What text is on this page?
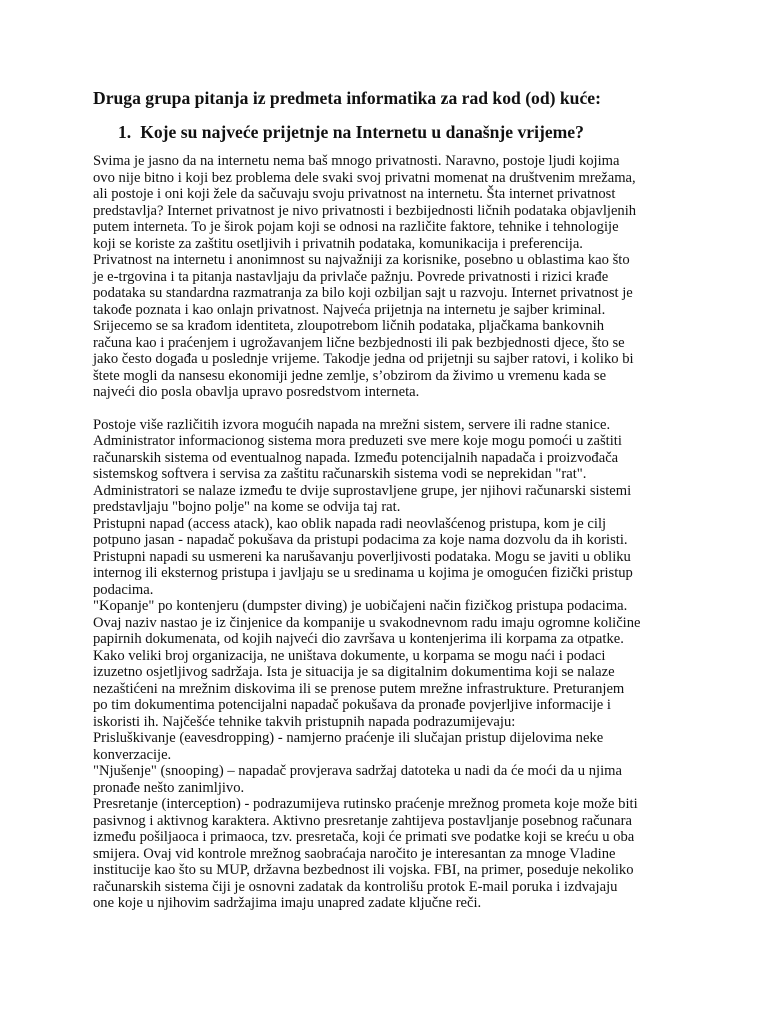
Druga grupa pitanja iz predmeta informatika za rad kod (od) kuće:
1. Koje su najveće prijetnje na Internetu u današnje vrijeme?

Svima je jasno da na internetu nema baš mnogo privatnosti. Naravno, postoje ljudi kojima
ovo nije bitno i koji bez problema dele svaki svoj privatni momenat na društvenim mrežama,
ali postoje i oni koji žele da sačuvaju svoju privatnost na internetu. Šta internet privatnost
predstavlja? Internet privatnost je nivo privatnosti i bezbijednosti ličnih podataka objavljenih
putem interneta. To je širok pojam koji se odnosi na različite faktore, tehnike i tehnologije
koji se koriste za zaštitu osetljivih i privatnih podataka, komunikacija i preferencija.
Privatnost na internetu i anonimnost su najvažniji za korisnike, posebno u oblastima kao što
je e-trgovina i ta pitanja nastavljaju da privlače pažnju. Povrede privatnosti i rizici krađe
podataka su standardna razmatranja za bilo koji ozbiljan sajt u razvoju. Internet privatnost je
takođe poznata i kao onlajn privatnost. Najveća prijetnja na internetu je sajber kriminal.
Srijecemo se sa krađom identiteta, zloupotrebom ličnih podataka, pljačkama bankovnih
računa kao i praćenjem i ugrožavanjem lične bezbjednosti ili pak bezbjednosti djece, što se
jako često događa u poslednje vrijeme. Takodje jedna od prijetnji su sajber ratovi, i koliko bi
štete mogli da nansesu ekonomiji jedne zemlje, s’obzirom da živimo u vremenu kada se
najveći dio posla obavlja upravo posredstvom interneta.

Postoje više različitih izvora mogućih napada na mrežni sistem, servere ili radne stanice.
Administrator informacionog sistema mora preduzeti sve mere koje mogu pomoći u zaštiti
računarskih sistema od eventualnog napada. Između potencijalnih napadača i proizvođača
sistemskog softvera i servisa za zaštitu računarskih sistema vodi se neprekidan "rat".
Administratori se nalaze između te dvije suprostavljene grupe, jer njihovi računarski sistemi
predstavljaju "bojno polje" na kome se odvija taj rat.
Pristupni napad (access atack), kao oblik napada radi neovlašćenog pristupa, kom je cilj
potpuno jasan - napadač pokušava da pristupi podacima za koje nama dozvolu da ih koristi.
Pristupni napadi su usmereni ka narušavanju poverljivosti podataka. Mogu se javiti u obliku
internog ili eksternog pristupa i javljaju se u sredinama u kojima je omogućen fizički pristup
podacima.
"Kopanje" po kontenjeru (dumpster diving) je uobičajeni način fizičkog pristupa podacima.
Ovaj naziv nastao je iz činjenice da kompanije u svakodnevnom radu imaju ogromne količine
papirnih dokumenata, od kojih najveći dio završava u kontenjerima ili korpama za otpatke.
Kako veliki broj organizacija, ne uništava dokumente, u korpama se mogu naći i podaci
izuzetno osjetljivog sadržaja. Ista je situacija je sa digitalnim dokumentima koji se nalaze
nezaštićeni na mrežnim diskovima ili se prenose putem mrežne infrastrukture. Preturanjem
po tim dokumentima potencijalni napadač pokušava da pronađe povjerljive informacije i
iskoristi ih. Najčešće tehnike takvih pristupnih napada podrazumijevaju:
Prisluškivanje (eavesdropping) - namjerno praćenje ili slučajan pristup dijelovima neke
konverzacije.
"Njušenje" (snooping) – napadač provjerava sadržaj datoteka u nadi da će moći da u njima
pronađe nešto zanimljivo.
Presretanje (interception) - podrazumijeva rutinsko praćenje mrežnog prometa koje može biti
pasivnog i aktivnog karaktera. Aktivno presretanje zahtijeva postavljanje posebnog računara
između pošiljaoca i primaoca, tzv. presretača, koji će primati sve podatke koji se kreću u oba
smijera. Ovaj vid kontrole mrežnog saobraćaja naročito je interesantan za mnoge Vladine
institucije kao što su MUP, državna bezbednost ili vojska. FBI, na primer, poseduje nekoliko
računarskih sistema čiji je osnovni zadatak da kontrolišu protok E-mail poruka i izdvajaju
one koje u njihovim sadržajima imaju unapred zadate ključne reči.
